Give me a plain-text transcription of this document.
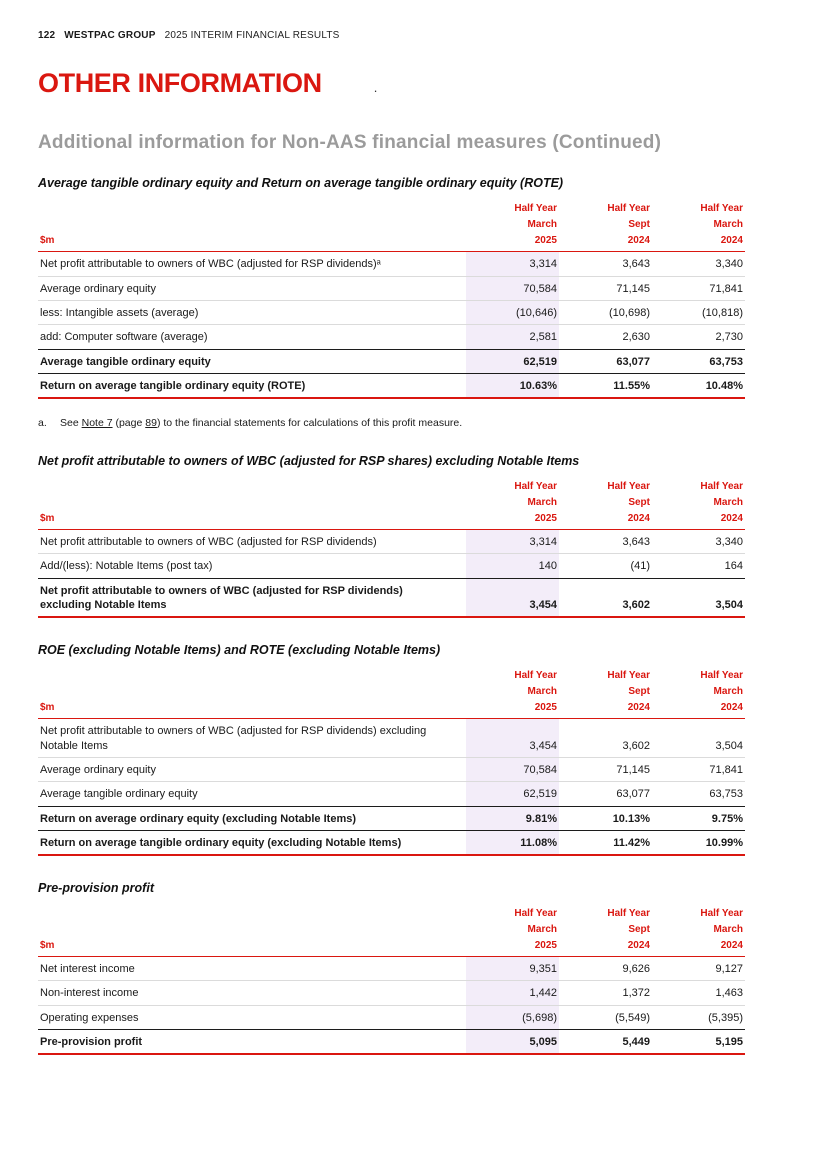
122 WESTPAC GROUP 2025 INTERIM FINANCIAL RESULTS
OTHER INFORMATION	.
Additional information for Non-AAS financial measures (Continued)
Average tangible ordinary equity and Return on average tangible ordinary equity (ROTE)
	Half Year	Half Year	Half Year
	March	Sept	March
$m	2025	2024	2024
Net profit attributable to owners of WBC (adjusted for RSP dividends)ᵃ	3,314	3,643	3,340
Average ordinary equity	70,584	71,145	71,841
less: Intangible assets (average)	(10,646)	(10,698)	(10,818)
add: Computer software (average)	2,581	2,630	2,730
Average tangible ordinary equity	62,519	63,077	63,753
Return on average tangible ordinary equity (ROTE)	10.63%	11.55%	10.48%

a.	See Note 7 (page 89) to the financial statements for calculations of this profit measure.

Net profit attributable to owners of WBC (adjusted for RSP shares) excluding Notable Items
	Half Year	Half Year	Half Year
	March	Sept	March
$m	2025	2024	2024
Net profit attributable to owners of WBC (adjusted for RSP dividends)	3,314	3,643	3,340
Add/(less): Notable Items (post tax)	140	(41)	164
Net profit attributable to owners of WBC (adjusted for RSP dividends) excluding Notable Items	3,454	3,602	3,504
ROE (excluding Notable Items) and ROTE (excluding Notable Items)
	Half Year	Half Year	Half Year
	March	Sept	March
$m	2025	2024	2024
Net profit attributable to owners of WBC (adjusted for RSP dividends) excluding Notable Items	3,454	3,602	3,504
Average ordinary equity	70,584	71,145	71,841
Average tangible ordinary equity	62,519	63,077	63,753
Return on average ordinary equity (excluding Notable Items)	9.81%	10.13%	9.75%
Return on average tangible ordinary equity (excluding Notable Items)	11.08%	11.42%	10.99%
Pre-provision profit
	Half Year	Half Year	Half Year
	March	Sept	March
$m	2025	2024	2024
Net interest income	9,351	9,626	9,127
Non-interest income	1,442	1,372	1,463
Operating expenses	(5,698)	(5,549)	(5,395)
Pre-provision profit	5,095	5,449	5,195
